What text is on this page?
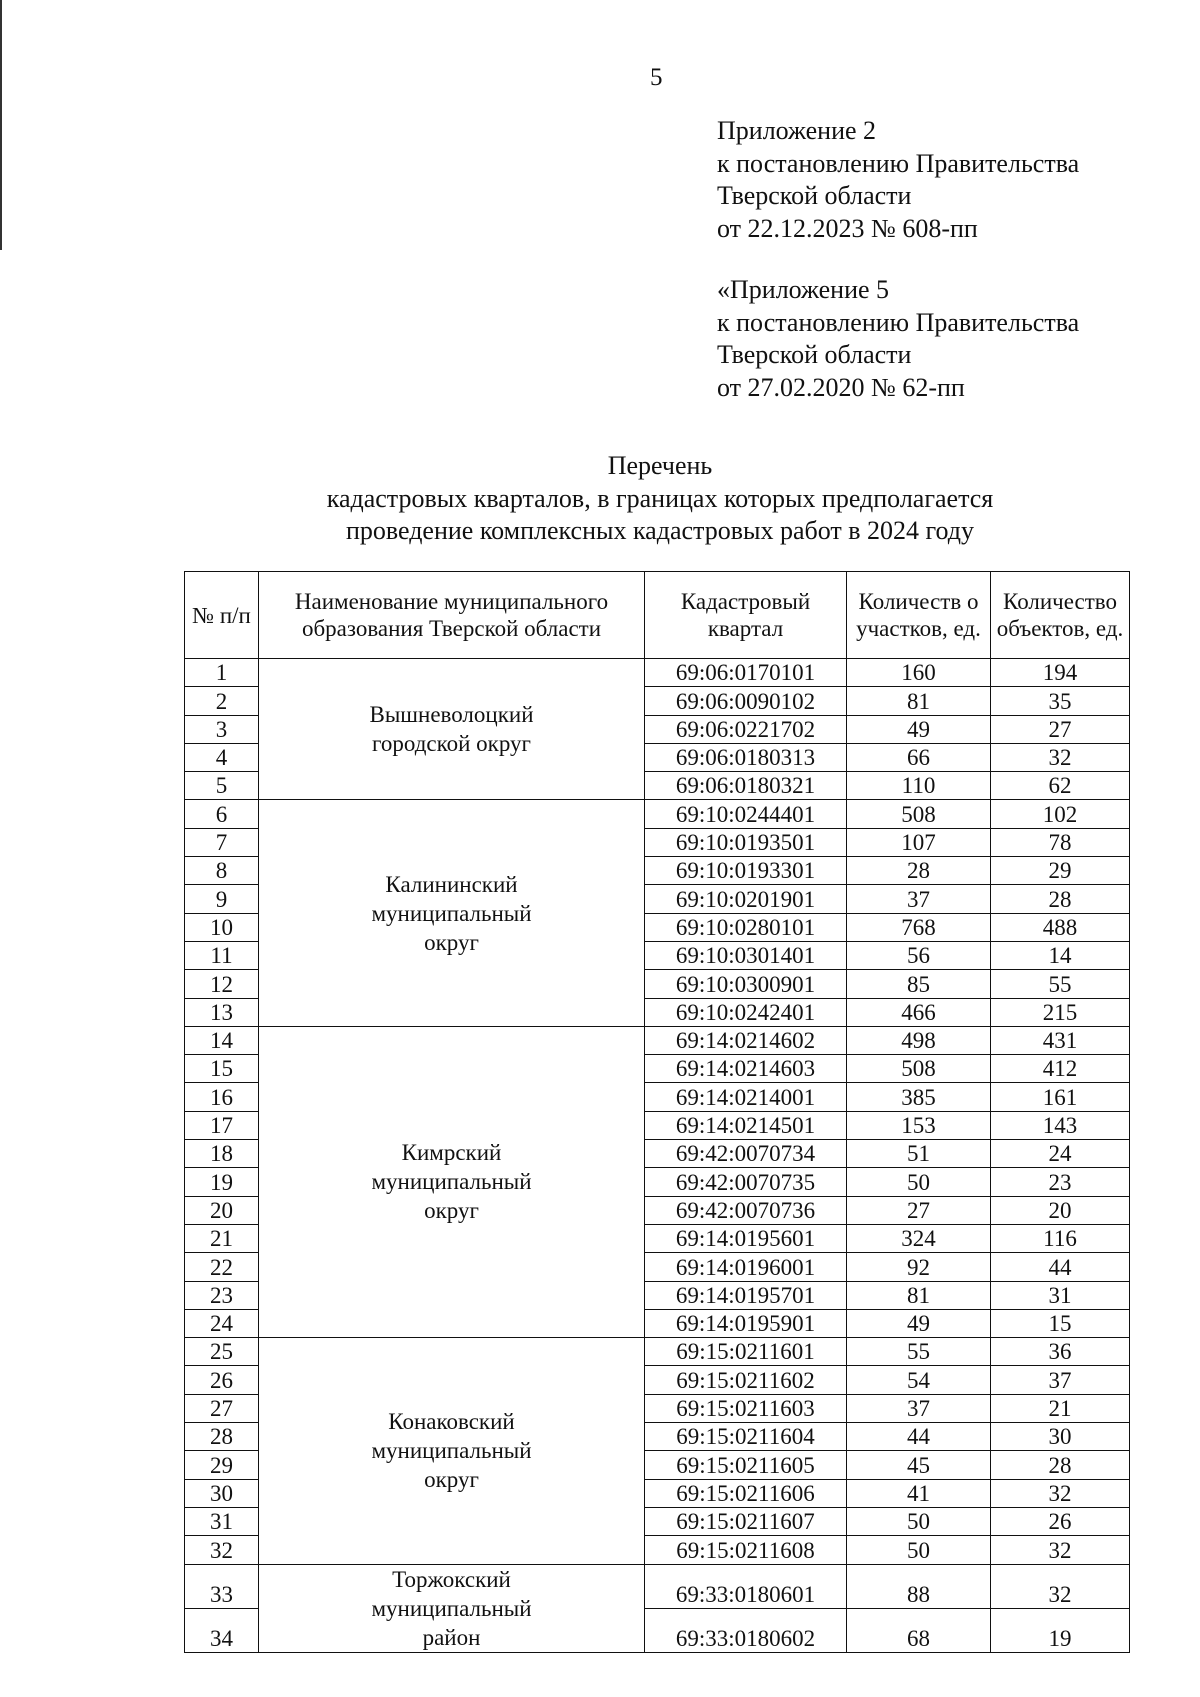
5
Приложение 2
к постановлению Правительства
Тверской области
от 22.12.2023 № 608-пп
«Приложение 5
к постановлению Правительства
Тверской области
от 27.02.2020 № 62-пп
Перечень
кадастровых кварталов, в границах которых предполагается
проведение комплексных кадастровых работ в 2024 году
№ п/п	Наименование муниципального образования Тверской области	Кадастровый квартал	Количеств о участков, ед.	Количество объектов, ед.
1	Вышневолоцкий городской округ	69:06:0170101	160	194
2		69:06:0090102	81	35
3		69:06:0221702	49	27
4		69:06:0180313	66	32
5		69:06:0180321	110	62
6	Калининский муниципальный округ	69:10:0244401	508	102
7		69:10:0193501	107	78
8		69:10:0193301	28	29
9		69:10:0201901	37	28
10		69:10:0280101	768	488
11		69:10:0301401	56	14
12		69:10:0300901	85	55
13		69:10:0242401	466	215
14	Кимрский муниципальный округ	69:14:0214602	498	431
15		69:14:0214603	508	412
16		69:14:0214001	385	161
17		69:14:0214501	153	143
18		69:42:0070734	51	24
19		69:42:0070735	50	23
20		69:42:0070736	27	20
21		69:14:0195601	324	116
22		69:14:0196001	92	44
23		69:14:0195701	81	31
24		69:14:0195901	49	15
25	Конаковский муниципальный округ	69:15:0211601	55	36
26		69:15:0211602	54	37
27		69:15:0211603	37	21
28		69:15:0211604	44	30
29		69:15:0211605	45	28
30		69:15:0211606	41	32
31		69:15:0211607	50	26
32		69:15:0211608	50	32
33	Торжокский муниципальный район	69:33:0180601	88	32
34		69:33:0180602	68	19
